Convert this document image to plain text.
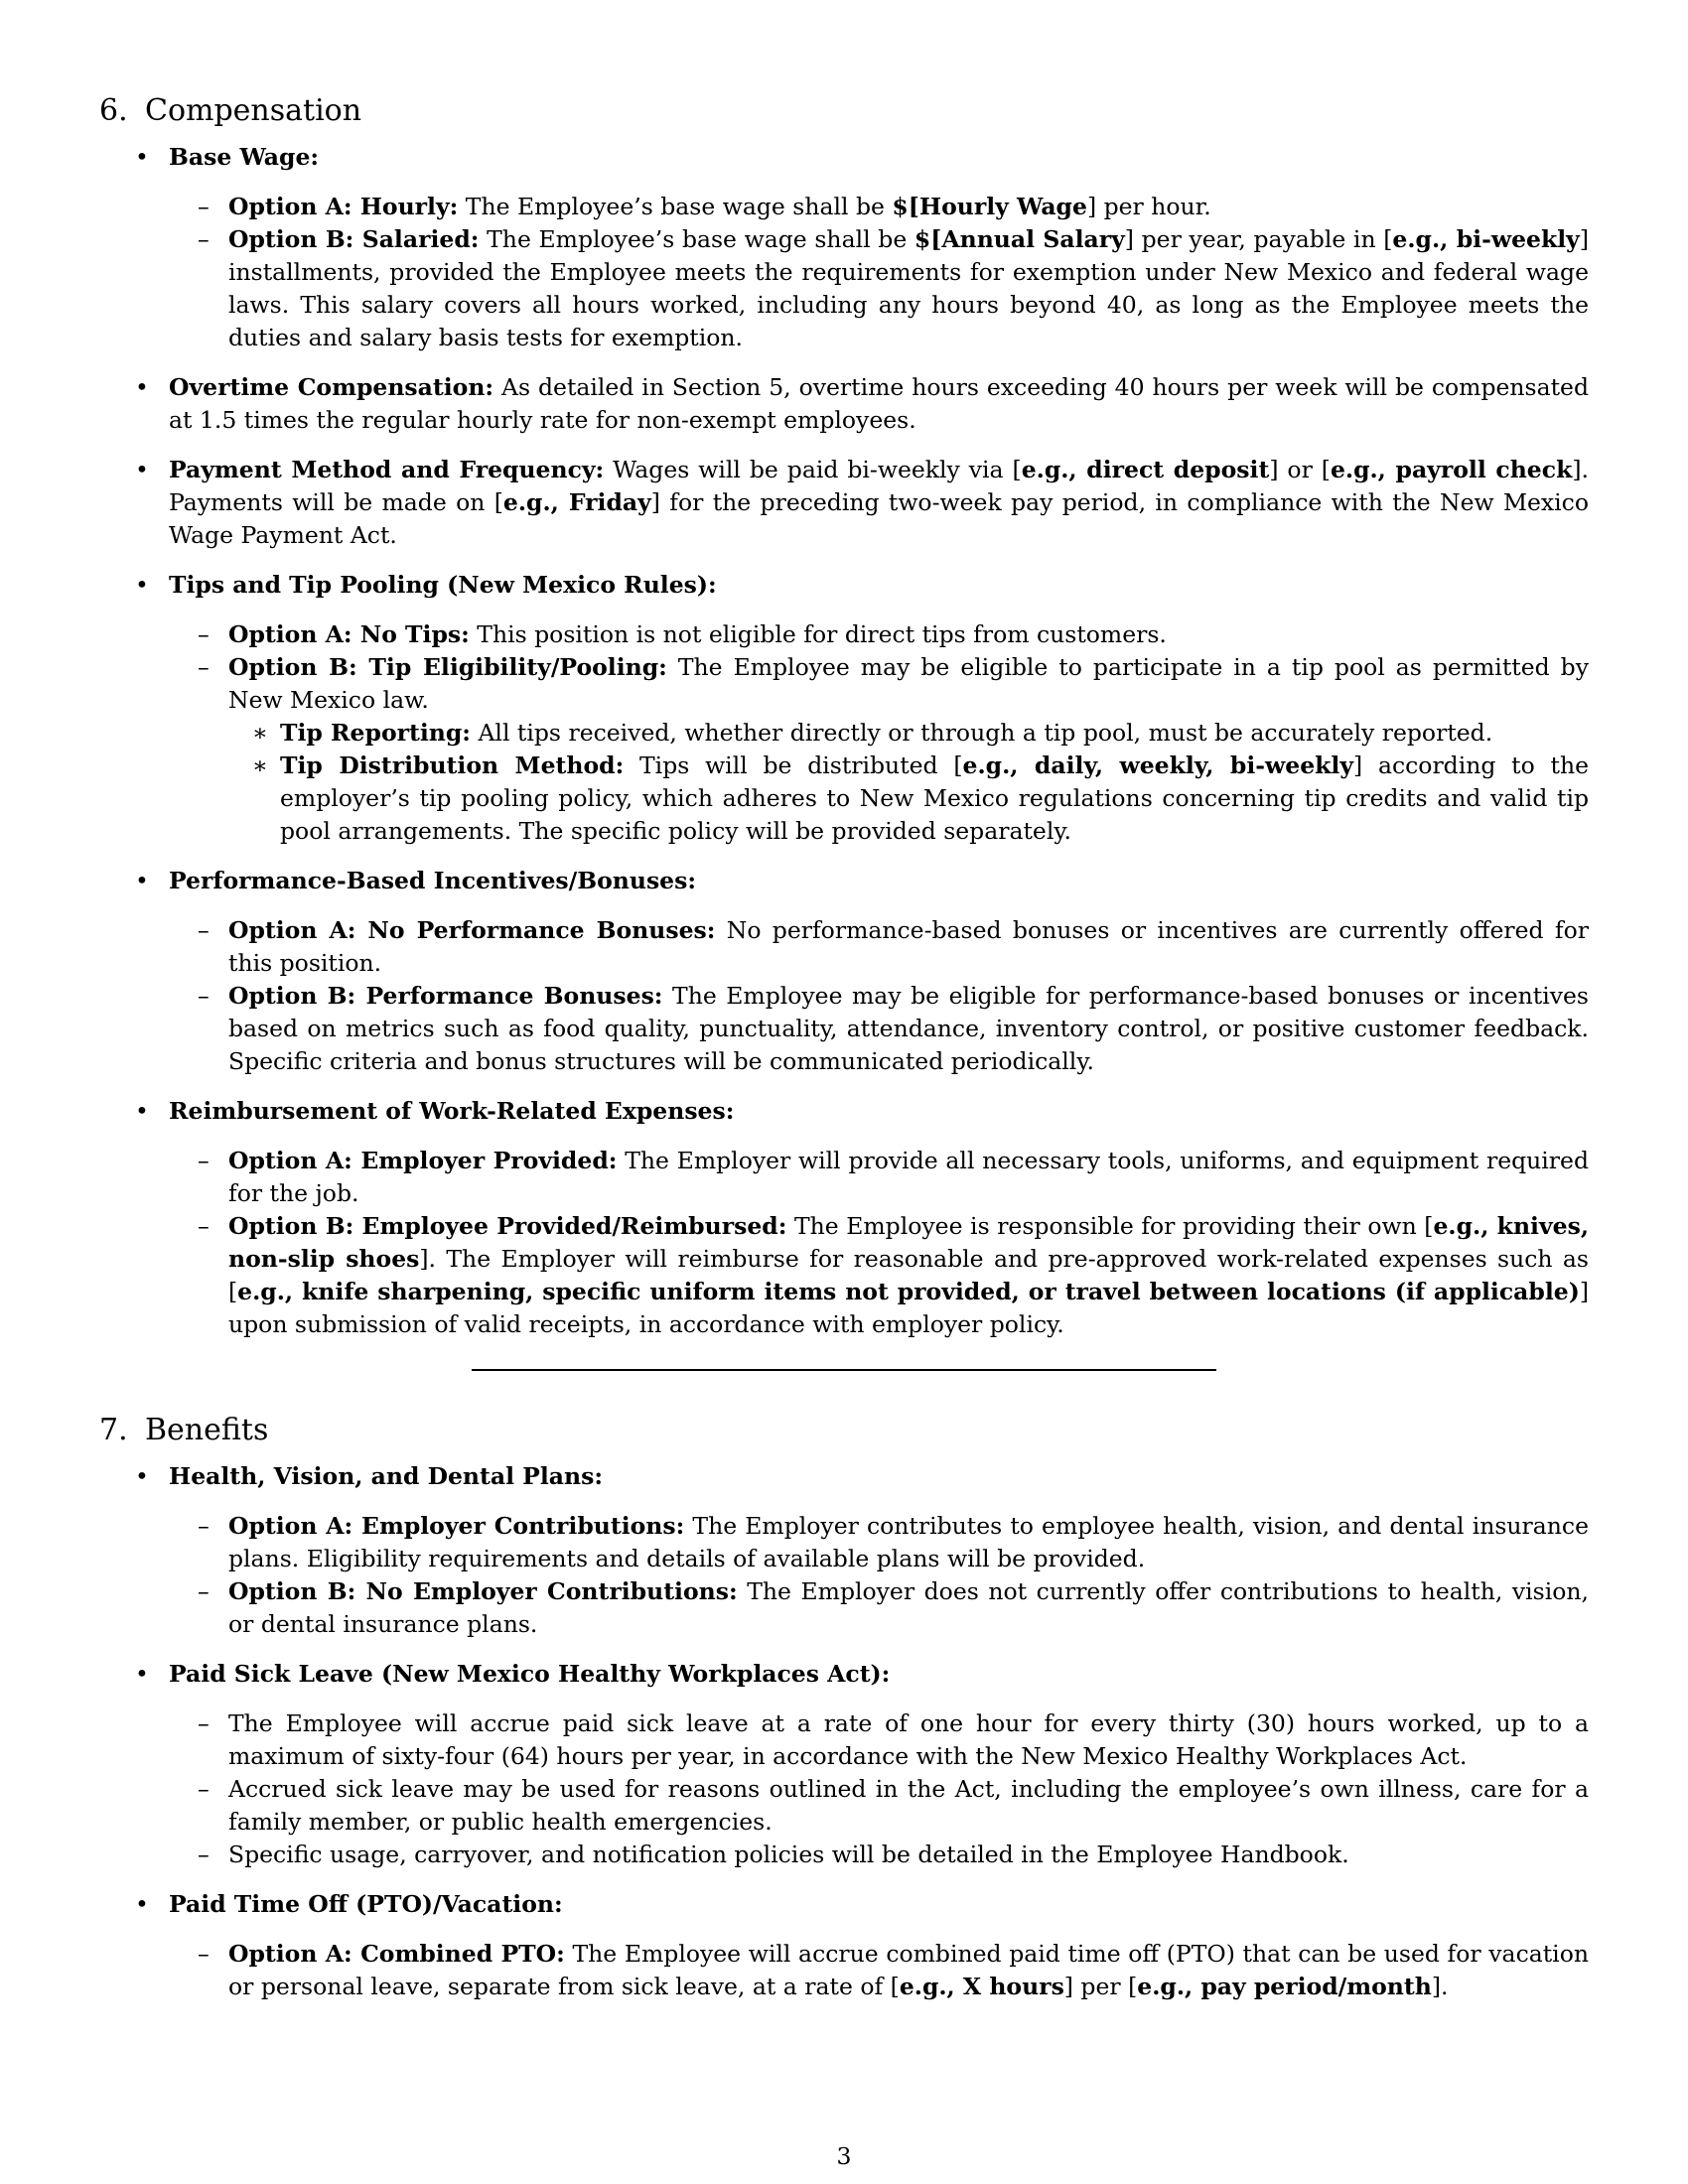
6. Compensation
• Base Wage:
– Option A: Hourly: The Employee’s base wage shall be $[Hourly Wage] per hour.
– Option B: Salaried: The Employee’s base wage shall be $[Annual Salary] per year, payable in [e.g., bi-weekly] installments, provided the Employee meets the requirements for exemption under New Mexico and federal wage laws. This salary covers all hours worked, including any hours beyond 40, as long as the Employee meets the duties and salary basis tests for exemption.
• Overtime Compensation: As detailed in Section 5, overtime hours exceeding 40 hours per week will be compensated at 1.5 times the regular hourly rate for non-exempt employees.
• Payment Method and Frequency: Wages will be paid bi-weekly via [e.g., direct deposit] or [e.g., payroll check]. Payments will be made on [e.g., Friday] for the preceding two-week pay period, in compliance with the New Mexico Wage Payment Act.
• Tips and Tip Pooling (New Mexico Rules):
– Option A: No Tips: This position is not eligible for direct tips from customers.
– Option B: Tip Eligibility/Pooling: The Employee may be eligible to participate in a tip pool as permitted by New Mexico law.
∗ Tip Reporting: All tips received, whether directly or through a tip pool, must be accurately reported.
∗ Tip Distribution Method: Tips will be distributed [e.g., daily, weekly, bi-weekly] according to the employer’s tip pooling policy, which adheres to New Mexico regulations concerning tip credits and valid tip pool arrangements. The specific policy will be provided separately.
• Performance-Based Incentives/Bonuses:
– Option A: No Performance Bonuses: No performance-based bonuses or incentives are currently offered for this position.
– Option B: Performance Bonuses: The Employee may be eligible for performance-based bonuses or incentives based on metrics such as food quality, punctuality, attendance, inventory control, or positive customer feedback. Specific criteria and bonus structures will be communicated periodically.
• Reimbursement of Work-Related Expenses:
– Option A: Employer Provided: The Employer will provide all necessary tools, uniforms, and equipment required for the job.
– Option B: Employee Provided/Reimbursed: The Employee is responsible for providing their own [e.g., knives, non-slip shoes]. The Employer will reimburse for reasonable and pre-approved work-related expenses such as [e.g., knife sharpening, specific uniform items not provided, or travel between locations (if applicable)] upon submission of valid receipts, in accordance with employer policy.
7. Benefits
• Health, Vision, and Dental Plans:
– Option A: Employer Contributions: The Employer contributes to employee health, vision, and dental insurance plans. Eligibility requirements and details of available plans will be provided.
– Option B: No Employer Contributions: The Employer does not currently offer contributions to health, vision, or dental insurance plans.
• Paid Sick Leave (New Mexico Healthy Workplaces Act):
– The Employee will accrue paid sick leave at a rate of one hour for every thirty (30) hours worked, up to a maximum of sixty-four (64) hours per year, in accordance with the New Mexico Healthy Workplaces Act.
– Accrued sick leave may be used for reasons outlined in the Act, including the employee’s own illness, care for a family member, or public health emergencies.
– Specific usage, carryover, and notification policies will be detailed in the Employee Handbook.
• Paid Time Off (PTO)/Vacation:
– Option A: Combined PTO: The Employee will accrue combined paid time off (PTO) that can be used for vacation or personal leave, separate from sick leave, at a rate of [e.g., X hours] per [e.g., pay period/month].
3
